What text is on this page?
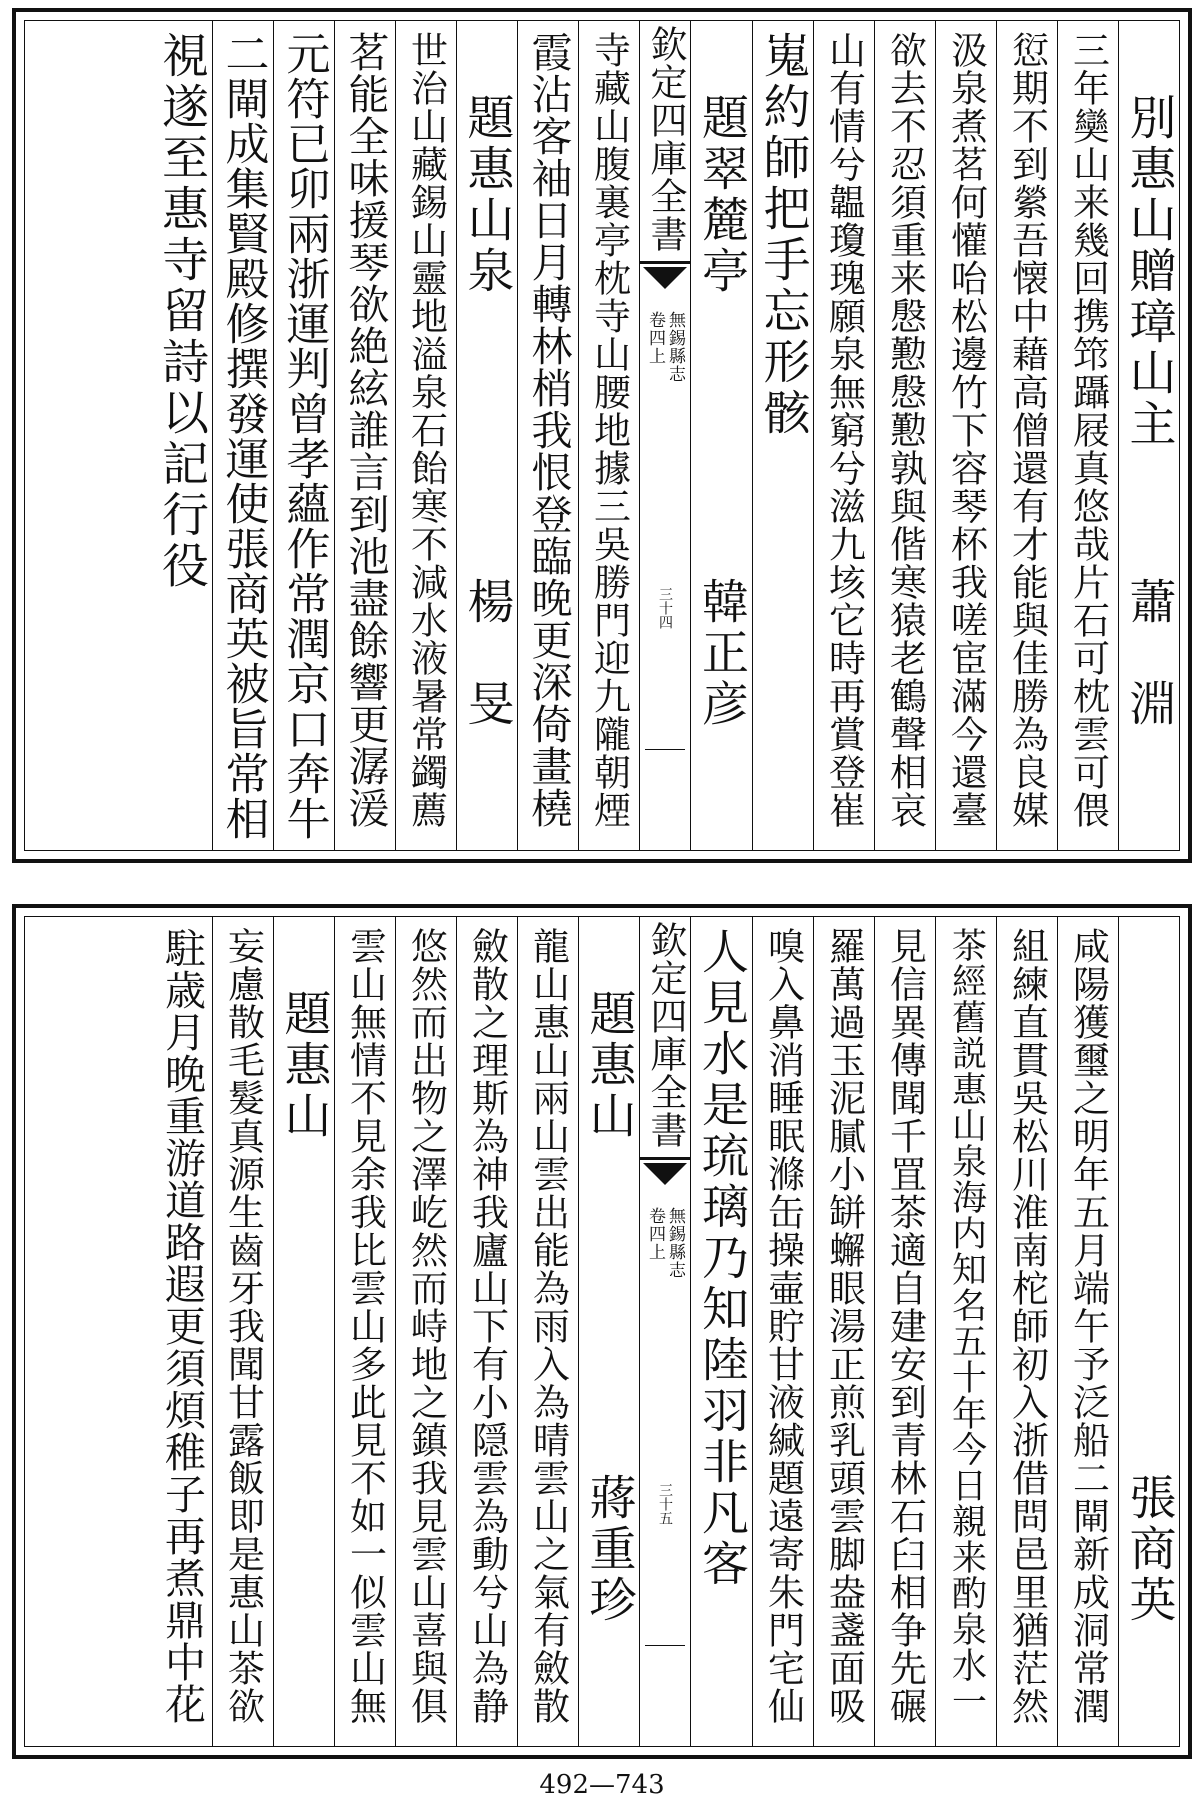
別惠山贈璋山主
蕭　淵
三年奱山来幾回携筇躡屐真悠哉片石可枕雲可偎
愆期不到縈吾懐中藉高僧還有才能與佳勝為良媒
汲泉煮茗何懽咍松邊竹下容琴杯我嗟宦滿今還臺
欲去不忍須重来慇懃慇懃孰與偕寒猿老鶴聲相哀
山有情兮韞瓊瑰願泉無窮兮滋九垓它時再賞登崔
嵬約師把手忘形骸
題翠麓亭
韓正彦
欽定四庫全書
無錫縣志
卷四上
三十四
寺藏山腹裏亭枕寺山腰地據三吳勝門迎九隴朝煙
霞沾客袖日月轉林梢我恨登臨晚更深倚畫橈
題惠山泉
楊　旻
世治山藏錫山靈地溢泉石飴寒不減水液暑常蠲薦
茗能全味援琴欲絶絃誰言到池盡餘響更潺湲
元符已卯兩浙運判曾孝蘊作常潤京口奔牛
二閘成集賢殿修撰發運使張商英被旨常相
視遂至惠寺留詩以記行役
張商英
咸陽獲璽之明年五月端午予泛船二閘新成洞常潤
組練直貫吳松川淮南柁師初入浙借問邑里猶茫然
茶經舊説惠山泉海内知名五十年今日親来酌泉水一
見信異傳聞千罝茶適自建安到青林石臼相争先碾
羅萬過玉泥膩小缾蠏眼湯正煎乳頭雲脚盎盞面吸
嗅入鼻消睡眠滌缶操壷貯甘液緘題遠寄朱門宅仙
人見水是琉璃乃知陸羽非凡客
欽定四庫全書
無錫縣志
卷四上
三十五
題惠山
蔣重珍
龍山惠山兩山雲出能為雨入為晴雲山之氣有斂散
斂散之理斯為神我廬山下有小隠雲為動兮山為静
悠然而出物之澤屹然而峙地之鎮我見雲山喜與俱
雲山無情不見余我比雲山多此見不如一似雲山無
題惠山
妄慮散毛髮真源生齒牙我聞甘露飯即是惠山茶欲
駐歳月晚重游道路遐更須煩稚子再煮鼎中花
492—743
